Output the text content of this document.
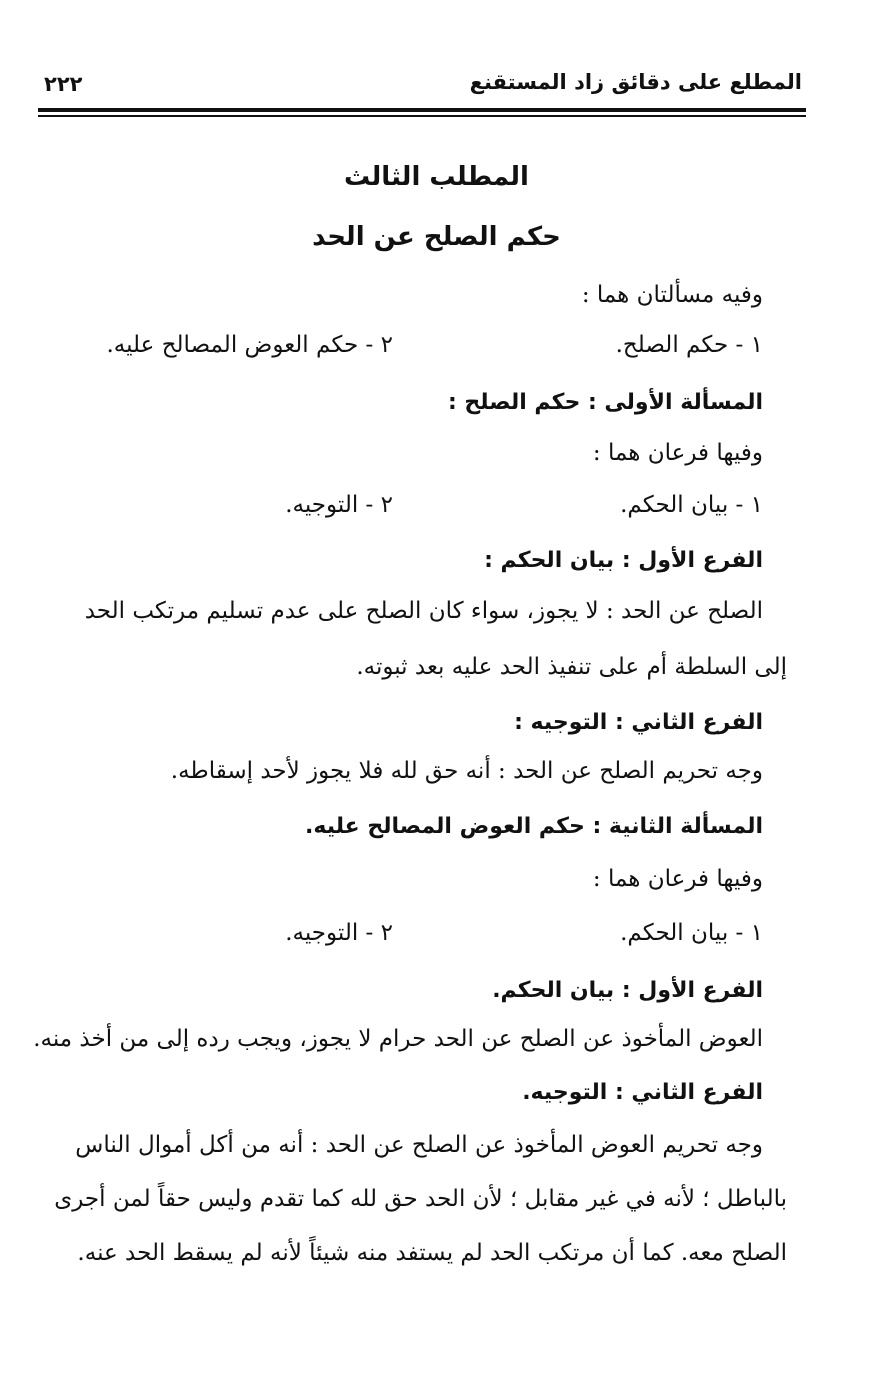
المطلع على دقائق زاد المستقنع
٢٢٢
المطلب الثالث
حكم الصلح عن الحد
وفيه مسألتان هما :
١ - حكم الصلح.
٢ - حكم العوض المصالح عليه.
المسألة الأولى : حكم الصلح :
وفيها فرعان هما :
١ - بيان الحكم.
٢ - التوجيه.
الفرع الأول : بيان الحكم :
الصلح عن الحد : لا يجوز، سواء كان الصلح على عدم تسليم مرتكب الحد
إلى السلطة أم على تنفيذ الحد عليه بعد ثبوته.
الفرع الثاني : التوجيه :
وجه تحريم الصلح عن الحد : أنه حق لله فلا يجوز لأحد إسقاطه.
المسألة الثانية : حكم العوض المصالح عليه.
وفيها فرعان هما :
١ - بيان الحكم.
٢ - التوجيه.
الفرع الأول : بيان الحكم.
العوض المأخوذ عن الصلح عن الحد حرام لا يجوز، ويجب رده إلى من أخذ منه.
الفرع الثاني : التوجيه.
وجه تحريم العوض المأخوذ عن الصلح عن الحد : أنه من أكل أموال الناس
بالباطل ؛ لأنه في غير مقابل ؛ لأن الحد حق لله كما تقدم وليس حقاً لمن أجرى
الصلح معه. كما أن مرتكب الحد لم يستفد منه شيئاً لأنه لم يسقط الحد عنه.
